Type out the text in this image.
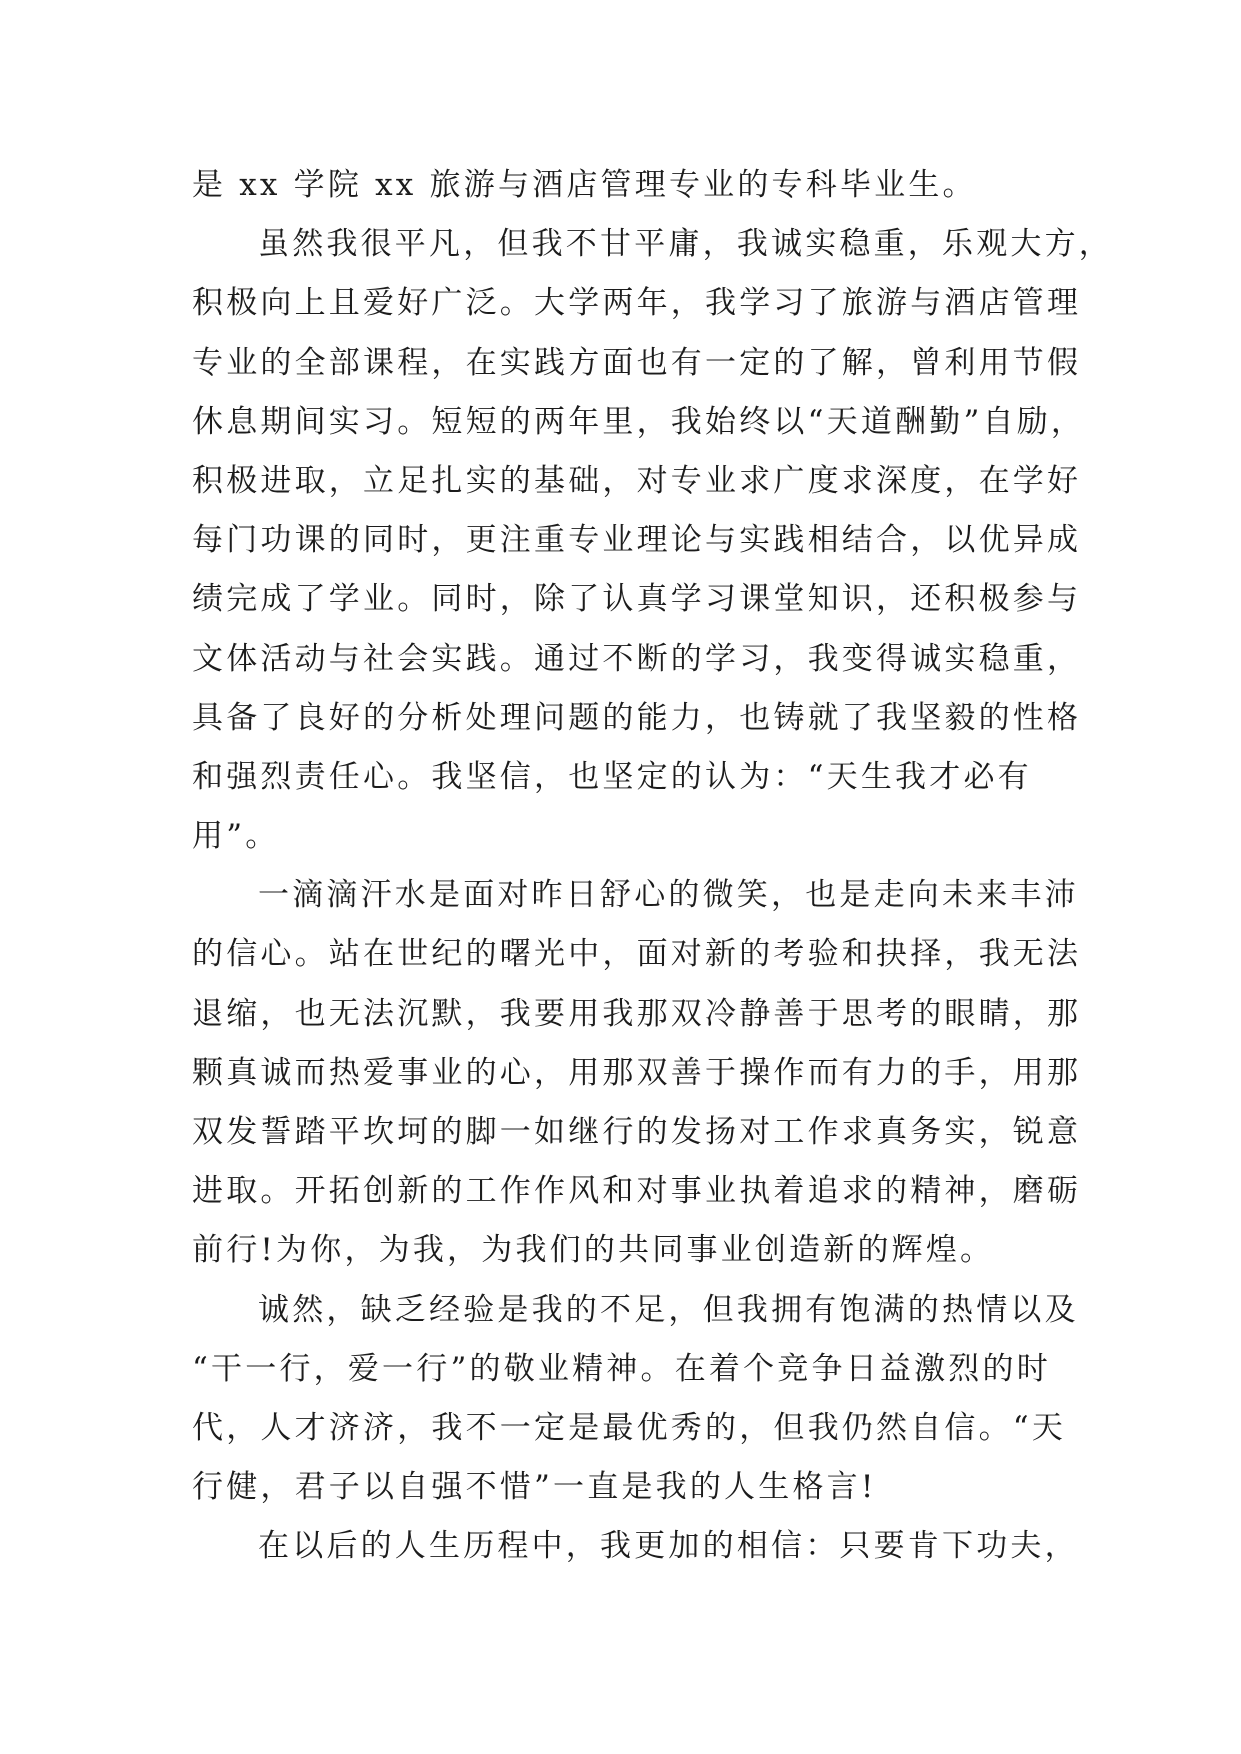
是 xx 学院 xx 旅游与酒店管理专业的专科毕业生。
虽然我很平凡，但我不甘平庸，我诚实稳重，乐观大方，
积极向上且爱好广泛。大学两年，我学习了旅游与酒店管理
专业的全部课程，在实践方面也有一定的了解，曾利用节假
休息期间实习。短短的两年里，我始终以“天道酬勤”自励，
积极进取，立足扎实的基础，对专业求广度求深度，在学好
每门功课的同时，更注重专业理论与实践相结合，以优异成
绩完成了学业。同时，除了认真学习课堂知识，还积极参与
文体活动与社会实践。通过不断的学习，我变得诚实稳重，
具备了良好的分析处理问题的能力，也铸就了我坚毅的性格
和强烈责任心。我坚信，也坚定的认为：“天生我才必有
用”。
一滴滴汗水是面对昨日舒心的微笑，也是走向未来丰沛
的信心。站在世纪的曙光中，面对新的考验和抉择，我无法
退缩，也无法沉默，我要用我那双冷静善于思考的眼睛，那
颗真诚而热爱事业的心，用那双善于操作而有力的手，用那
双发誓踏平坎坷的脚一如继行的发扬对工作求真务实，锐意
进取。开拓创新的工作作风和对事业执着追求的精神，磨砺
前行!为你，为我，为我们的共同事业创造新的辉煌。
诚然，缺乏经验是我的不足，但我拥有饱满的热情以及
“干一行，爱一行”的敬业精神。在着个竞争日益激烈的时
代，人才济济，我不一定是最优秀的，但我仍然自信。“天
行健，君子以自强不惜”一直是我的人生格言!
在以后的人生历程中，我更加的相信：只要肯下功夫，
